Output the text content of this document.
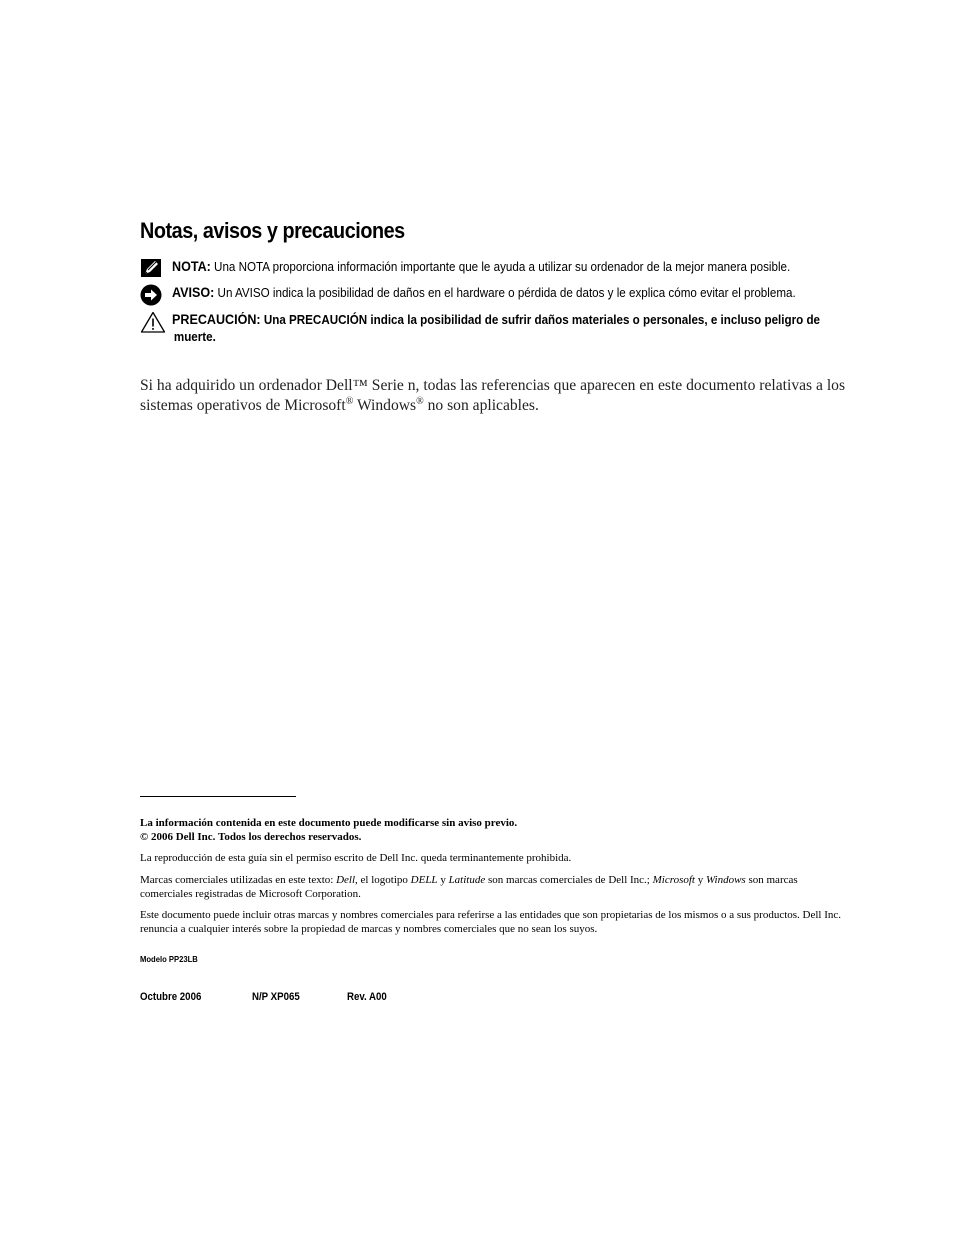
Notas, avisos y precauciones
NOTA: Una NOTA proporciona información importante que le ayuda a utilizar su ordenador de la mejor manera posible.
AVISO: Un AVISO indica la posibilidad de daños en el hardware o pérdida de datos y le explica cómo evitar el problema.
PRECAUCIÓN: Una PRECAUCIÓN indica la posibilidad de sufrir daños materiales o personales, e incluso peligro de
muerte.

Si ha adquirido un ordenador Dell™ Serie n, todas las referencias que aparecen en este documento relativas a los sistemas operativos de Microsoft® Windows® no son aplicables.

La información contenida en este documento puede modificarse sin aviso previo.
© 2006 Dell Inc. Todos los derechos reservados.
La reproducción de esta guía sin el permiso escrito de Dell Inc. queda terminantemente prohibida.
Marcas comerciales utilizadas en este texto: Dell, el logotipo DELL y Latitude son marcas comerciales de Dell Inc.; Microsoft y Windows son marcas comerciales registradas de Microsoft Corporation.
Este documento puede incluir otras marcas y nombres comerciales para referirse a las entidades que son propietarias de los mismos o a sus productos. Dell Inc. renuncia a cualquier interés sobre la propiedad de marcas y nombres comerciales que no sean los suyos.
Modelo PP23LB
Octubre 2006	N/P XP065	Rev. A00
